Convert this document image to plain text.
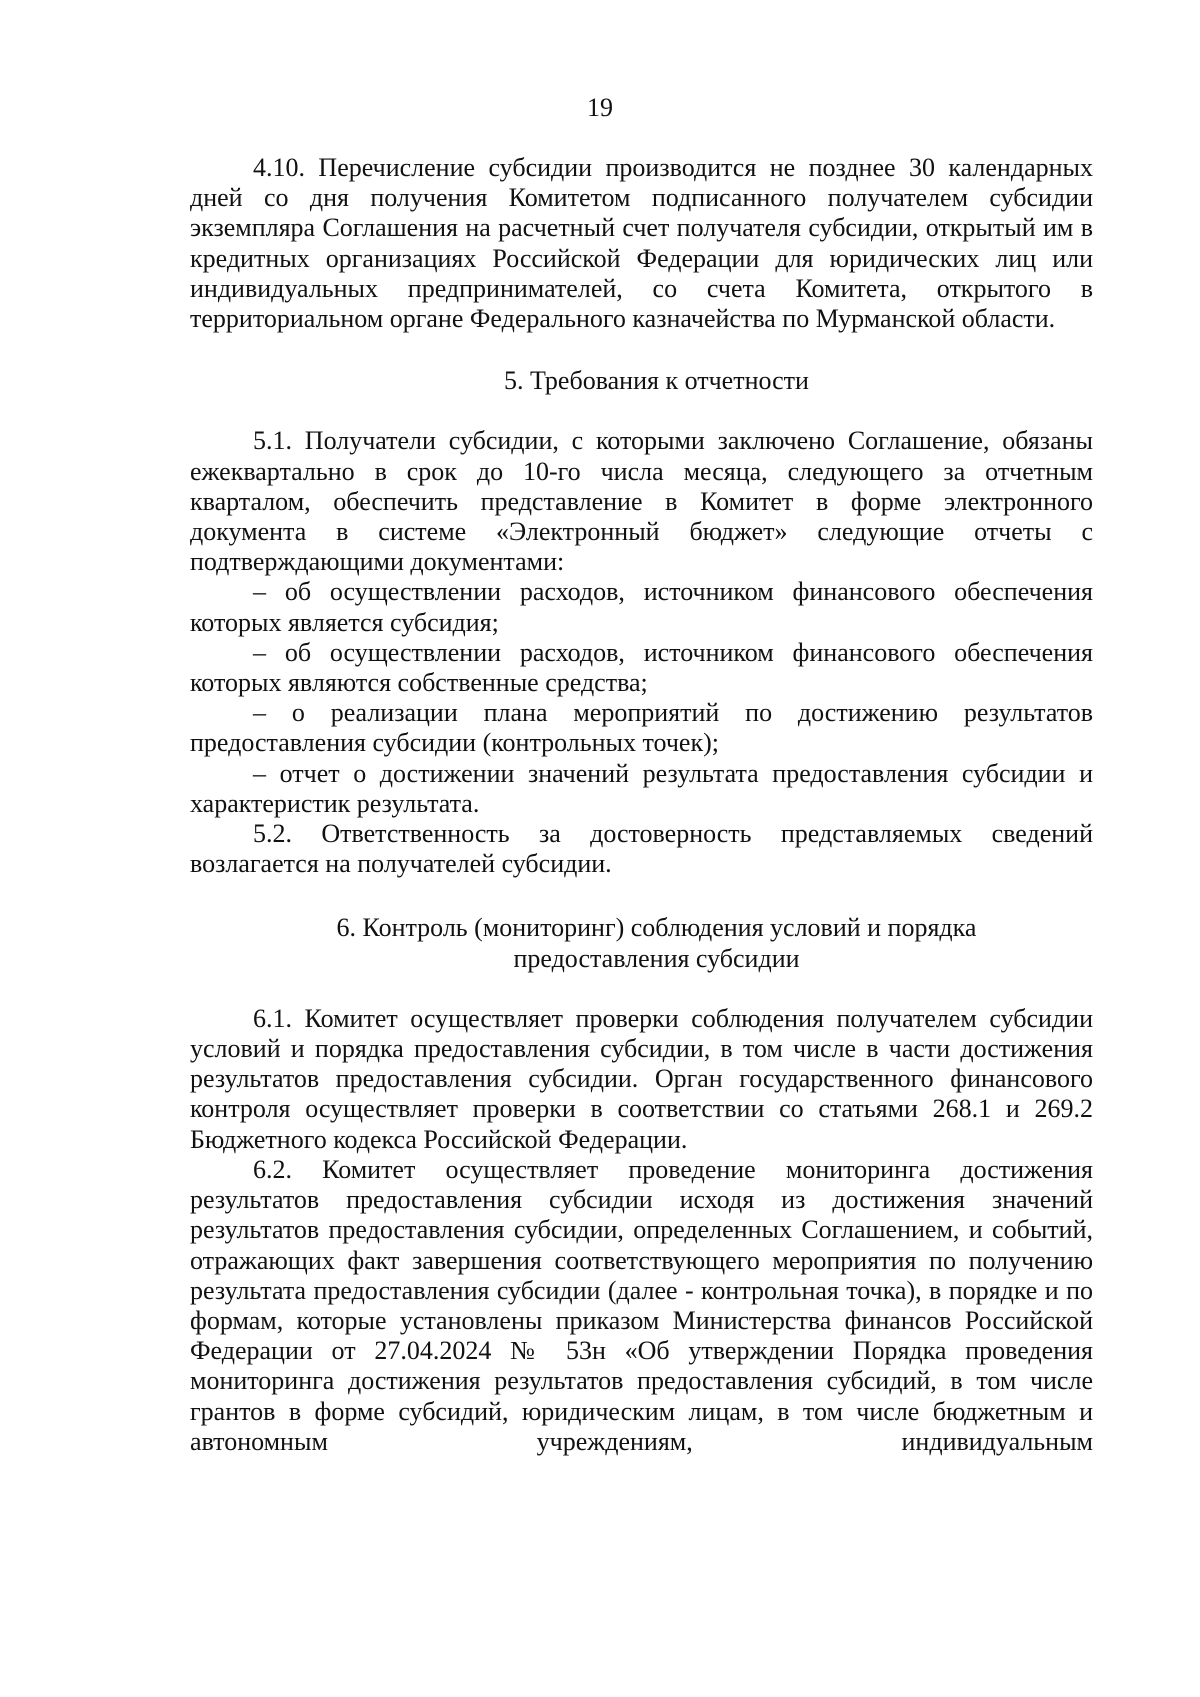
19

4.10. Перечисление субсидии производится не позднее 30 календарных дней со дня получения Комитетом подписанного получателем субсидии экземпляра Соглашения на расчетный счет получателя субсидии, открытый им в кредитных организациях Российской Федерации для юридических лиц или индивидуальных предпринимателей, со счета Комитета, открытого в территориальном органе Федерального казначейства по Мурманской области.

5. Требования к отчетности

5.1. Получатели субсидии, с которыми заключено Соглашение, обязаны ежеквартально в срок до 10-го числа месяца, следующего за отчетным кварталом, обеспечить представление в Комитет в форме электронного документа в системе «Электронный бюджет» следующие отчеты с подтверждающими документами:

– об осуществлении расходов, источником финансового обеспечения которых является субсидия;

– об осуществлении расходов, источником финансового обеспечения которых являются собственные средства;

– о реализации плана мероприятий по достижению результатов предоставления субсидии (контрольных точек);

– отчет о достижении значений результата предоставления субсидии и характеристик результата.

5.2. Ответственность за достоверность представляемых сведений возлагается на получателей субсидии.

6. Контроль (мониторинг) соблюдения условий и порядка

предоставления субсидии

6.1. Комитет осуществляет проверки соблюдения получателем субсидии условий и порядка предоставления субсидии, в том числе в части достижения результатов предоставления субсидии. Орган государственного финансового контроля осуществляет проверки в соответствии со статьями 268.1 и 269.2 Бюджетного кодекса Российской Федерации.

6.2. Комитет осуществляет проведение мониторинга достижения результатов предоставления субсидии исходя из достижения значений результатов предоставления субсидии, определенных Соглашением, и событий, отражающих факт завершения соответствующего мероприятия по получению результата предоставления субсидии (далее - контрольная точка), в порядке и по формам, которые установлены приказом Министерства финансов Российской Федерации от 27.04.2024 № 53н «Об утверждении Порядка проведения мониторинга достижения результатов предоставления субсидий, в том числе грантов в форме субсидий, юридическим лицам, в том числе бюджетным и автономным учреждениям, индивидуальным
